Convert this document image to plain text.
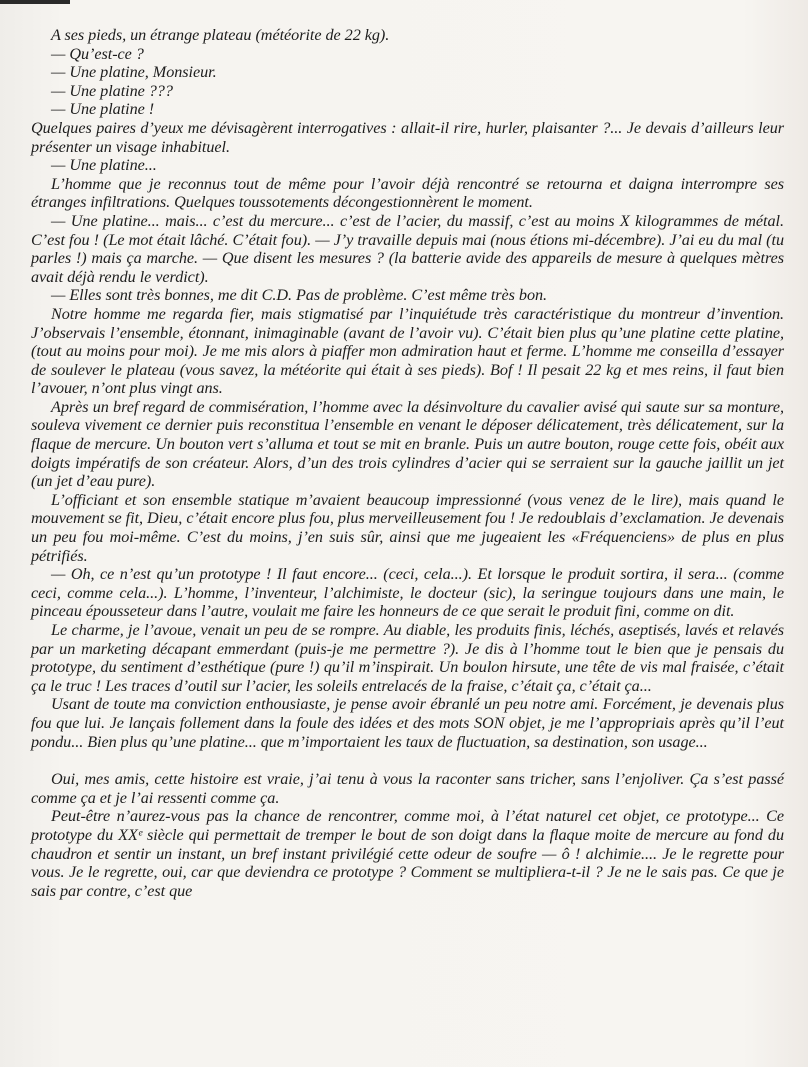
A ses pieds, un étrange plateau (météorite de 22 kg).

— Qu’est-ce ?

— Une platine, Monsieur.

— Une platine ???

— Une platine !

Quelques paires d’yeux me dévisagèrent interrogatives : allait-il rire, hurler, plaisanter ?... Je devais d’ailleurs leur présenter un visage inhabituel.

— Une platine...

L’homme que je reconnus tout de même pour l’avoir déjà rencontré se retourna et daigna interrompre ses étranges infiltrations. Quelques toussotements décongestionnèrent le moment.

— Une platine... mais... c’est du mercure... c’est de l’acier, du massif, c’est au moins X kilogrammes de métal. C’est fou ! (Le mot était lâché. C’était fou). — J’y travaille depuis mai (nous étions mi-décembre). J’ai eu du mal (tu parles !) mais ça marche. — Que disent les mesures ? (la batterie avide des appareils de mesure à quelques mètres avait déjà rendu le verdict).

— Elles sont très bonnes, me dit C.D. Pas de problème. C’est même très bon.

Notre homme me regarda fier, mais stigmatisé par l’inquiétude très caractéristique du montreur d’invention. J’observais l’ensemble, étonnant, inimaginable (avant de l’avoir vu). C’était bien plus qu’une platine cette platine, (tout au moins pour moi). Je me mis alors à piaffer mon admiration haut et ferme. L’homme me conseilla d’essayer de soulever le plateau (vous savez, la météorite qui était à ses pieds). Bof ! Il pesait 22 kg et mes reins, il faut bien l’avouer, n’ont plus vingt ans.

Après un bref regard de commisération, l’homme avec la désinvolture du cavalier avisé qui saute sur sa monture, souleva vivement ce dernier puis reconstitua l’ensemble en venant le déposer délicatement, très délicatement, sur la flaque de mercure. Un bouton vert s’alluma et tout se mit en branle. Puis un autre bouton, rouge cette fois, obéit aux doigts impératifs de son créateur. Alors, d’un des trois cylindres d’acier qui se serraient sur la gauche jaillit un jet (un jet d’eau pure).

L’officiant et son ensemble statique m’avaient beaucoup impressionné (vous venez de le lire), mais quand le mouvement se fit, Dieu, c’était encore plus fou, plus merveilleusement fou ! Je redoublais d’exclamation. Je devenais un peu fou moi-même. C’est du moins, j’en suis sûr, ainsi que me jugeaient les «Fréquenciens» de plus en plus pétrifiés.

— Oh, ce n’est qu’un prototype ! Il faut encore... (ceci, cela...). Et lorsque le produit sortira, il sera... (comme ceci, comme cela...). L’homme, l’inventeur, l’alchimiste, le docteur (sic), la seringue toujours dans une main, le pinceau épousseteur dans l’autre, voulait me faire les honneurs de ce que serait le produit fini, comme on dit.

Le charme, je l’avoue, venait un peu de se rompre. Au diable, les produits finis, léchés, aseptisés, lavés et relavés par un marketing décapant emmerdant (puis-je me permettre ?). Je dis à l’homme tout le bien que je pensais du prototype, du sentiment d’esthétique (pure !) qu’il m’inspirait. Un boulon hirsute, une tête de vis mal fraisée, c’était ça le truc ! Les traces d’outil sur l’acier, les soleils entrelacés de la fraise, c’était ça, c’était ça...

Usant de toute ma conviction enthousiaste, je pense avoir ébranlé un peu notre ami. Forcément, je devenais plus fou que lui. Je lançais follement dans la foule des idées et des mots SON objet, je me l’appropriais après qu’il l’eut pondu... Bien plus qu’une platine... que m’importaient les taux de fluctuation, sa destination, son usage...

Oui, mes amis, cette histoire est vraie, j’ai tenu à vous la raconter sans tricher, sans l’enjoliver. Ça s’est passé comme ça et je l’ai ressenti comme ça.

Peut-être n’aurez-vous pas la chance de rencontrer, comme moi, à l’état naturel cet objet, ce prototype... Ce prototype du XXᵉ siècle qui permettait de tremper le bout de son doigt dans la flaque moite de mercure au fond du chaudron et sentir un instant, un bref instant privilégié cette odeur de soufre — ô ! alchimie.... Je le regrette pour vous. Je le regrette, oui, car que deviendra ce prototype ? Comment se multipliera-t-il ? Je ne le sais pas. Ce que je sais par contre, c’est que
